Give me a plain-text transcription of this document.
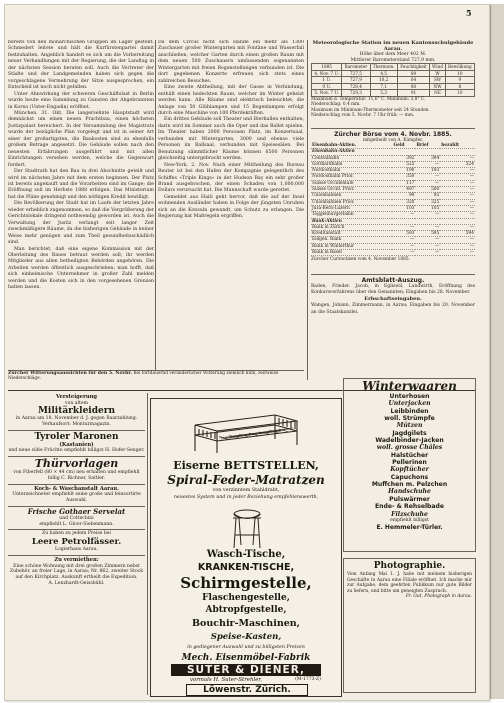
5

bereits von den monarchischen Gruppen im Lager gestellt. Schmedert leitete und hält die Kurfürstenpartei damit festzuhalten. Angeblich handelt es sich um die Vorbereitung neuer Verhandlungen mit der Regierung, die der Landtag in der nächsten Session beraten soll. Auch die Vertreter der Städte und der Landgemeinden haben sich gegen die vorgeschlagene Vermehrung der Sitze ausgesprochen, ein Entscheid ist noch nicht gefallen.

Unter Ahnwirkung der schweren Geschäftslast in Berlin wurde heute eine Sammlung zu Gunsten der Abgebrannten in Korea (Unter-Engadin) eröffnet.

München, 31. Okt. Die langersehnte Hauptstadt wird demnächst um einen neuen Prachtbau, einen höchsten Justizpalast bereichert. In der Versammlung des Magistrats wurde der bezügliche Plan vorgelegt und ist in seiner Art einer der großartigsten, die Baukosten sind zu ebenfalls großem Betrage angesetzt. Die Gebäude sollen nach den neuesten Erfahrungen ausgeführt und mit allen Einrichtungen versehen werden, welche die Gegenwart fordert.

Der Stadtrath hat den Bau in drei Abschnitte geteilt und wird im nächsten Jahre mit dem ersten beginnen. Der Platz ist bereits angekauft und die Vorarbeiten sind im Gange; die Eröffnung soll im Herbste 1888 erfolgen. Das Ministerium hat die Pläne genehmigt und den nöthigen Kredit bewilligt.

Die Bevölkerung der Stadt hat im Laufe der letzten Jahre wieder erheblich zugenommen, so daß die Vergrößerung der Gerichtslokale dringend nothwendig geworden ist. Auch die Verwaltung der Justiz verlangt seit langer Zeit zweckmäßigere Räume, da die bisherigen Gebäude in keiner Weise mehr genügen und zum Theil gesundheitsschädlich sind.

Man berichtet, daß eine eigene Kommission mit der Oberleitung des Baues betraut werden soll; ihr werden Mitglieder aus allen betheiligten Behörden angehören. Die Arbeiten werden öffentlich ausgeschrieben; man hofft, daß sich einheimische Unternehmer in großer Zahl melden werden und die Kosten sich in den vorgesehenen Grenzen halten lassen.

Da dem Circus nicht sich Hände ein mehr als 1300 Zuschauer großer Wintergarten mit Fontäne und Wasserfall anschließen, welcher Garten durch einen großen Raum mit dem neuen 500 Zuschauern umfassenden sogenannten Wintergarten mit freien Bogenstellungen verbunden ist. Die dort gegebenen Konzerte erfreuen sich stets eines zahlreichen Besuches.

Eine zweite Abtheilung, mit der Gasse in Verbindung, enthält einen bedeckten Raum, welcher im Winter geheizt werden kann. Alle Räume sind elektrisch beleuchtet; die Anlage von 50 Glühlampen und 15 Bogenlampen erfolgt durch eine Maschine von 100 Pferdekräften.

Ein drittes Gebäude soll Theater und Bierhallen enthalten; darin wird im Sommer auch die Oper und das Ballet spielen. Im Theater haben 2000 Personen Platz, im Konzertsaal, verbunden mit Wintergarten, 3000 und ebenso viele Personen im Ballsaal, verbunden mit Speisesälen. Bei Benutzung sämmtlicher Räume können 6500 Personen gleichzeitig untergebracht werden.

New-York, 2. Nov. Nach einer Mittheilung des Bureau Reuter ist bei den Hafen der Kompagnie gelegentlich des Schiffes »Triple Kings« in der Hudson Bay ein sehr großer Brand ausgebrochen, der einen Schaden von 1,000,000 Dollars verursacht hat. Die Mannschaft wurde gerettet.

Gemeldet aus Haiti geht hervor, daß die auf der Insel wohnenden Ausländer haben in Folge der jüngsten Unruhen sich an die Konsuln gewandt, um Schutz zu erlangen. Die Regierung hat Maßregeln ergriffen.

Meteorologische Station im neuen Kantonsschulgebäude Aarau.
Höhe über dem Meer 402 M.
Mittlerer Barometerstand 727,9 mm.
1885	Barometer	Thermom.	Feuchtigkeit	Wind	Bewölkung
4. Nov. 7 U.	727,5	4,5	89	W	10
1 U.	727,9	10,2	64	SW	9
9 U.	728,4	7,1	80	NW	8
5. Nov. 7 U.	729,3	5,3	91	NE	10
Maximum d. Temperatur: 11,6° C. Minimum: 3,8° C.
Niederschlag: 0,4 mm.
Maximum im Minimum-Thermometer seit 24 Stunden.
Niederschlag vom 5. Novbr. 7 Uhr früh: — mm.
Zürcher Börse vom 4. Novbr. 1885.
mitgetheilt von A. Kümpfer.
Eisenbahn-Aktien.	Geld	Brief	bezahlt
Eisenbahn-Aktien			
Centralbahn	392	394	—
Gotthardbahn	525	—	524
Nordostbahn	190	193	—
Nordostbahn Prior.	350	—	—
Suisse Occidentale	117	—	—
Suisse Occid. Prior.	497	500	—
Unionbahnen	90	92	—
Unionbahnen Prior.	320	325	—
Jura-Bern-Luzern	103	105	—
Toggenburgerbahn	—	—	—
Bank-Aktien			
Bank in Zürich	—	—	—
Kreditanstalt	593	595	594
Eidgen. Bank	—	—	—
Bank in Winterthur	—	—	—
Bank in Basel	—	—	—
Zürcher Cursnotizen vom 4. November 1885.
Amtsblatt-Auszug.

Baden, Frieder. Jacob, in Egliswil, Landwirth, Eröffnung des Konkursverfahrens über den Genannten; Eingaben bis 28. November.

Erbschaftseingaben.

Wangen, Johann, Zimmermann, in Aarau; Eingaben bis 20. November an die Staatskanzlei.

Zürcher Witterungsaussichten für den 5. Novbr. Bei fortdauernd veränderlicher Witterung ziemlich kühl, zeitweise Niederschläge.
Versteigerung
von altem
Militärkleidern
in Aarau am 18. November d. J. gegen Baarzahlung. Verkaufsort: Monturmagazin.
Tyroler Maronen
(Kastanien)
und neue süße Früchte empfiehlt billigst H. Hofer-Senger.
Thürvorlagen
von Fiberfell (80 × 44 cm) neu erhalten und empfiehlt billig C. Richner, Sattler.
Koch- & Waschanstalt Aarau.
Unterzeichneter empfiehlt seine große und feinsortirte Auswahl.
Frische Gothaer Servelat
und Cottechini
empfiehlt L. Gloor-Siebenmann.
Zu haben zu jedem Preise bei
Leere Petrolfässer.
Logierhaus Aarau.
Zu vermiethen:
Eine schöne Wohnung mit drei großen Zimmern nebst Zubehör, an freier Lage, in Aarau; Nr. 862, zweiter Stock auf den Kirchplatz. Auskunft ertheilt die Expedition.
A. Lenzhardt-Geissbühl.
Eiserne BETTSTELLEN,
Spiral-Feder-Matratzen
von verzinntem Stahldraht,
neuestes System und in jeder Beziehung empfehlenswerth,
Wasch-Tische,
KRANKEN-TISCHE,
Schirmgestelle,
Flaschengestelle,
Abtropfgestelle,
Bouchir-Maschinen,
Speise-Kasten,
in gediegener Auswahl und zu billigsten Preisen
Mech. Eisenmöbel-Fabrik
SUTER & DIENER,
vormals H. Suter-Strehler,	(M-1773-Z)
Löwenstr. Zürich.
Winterwaaren
Unterhosen
Unterjacken
Leibbinden
woll. Strümpfe
Mützen
Jagdgilets
Wadelbinder-Jacken
woll. grosse Châles
Halstücher
Pellerinen
Kopftücher
Capuchons
Muffchen m. Pelzchen
Handschuhe
Pulswärmer
Ende- & Rehselbade
Filzschuhe
empfiehlt billigst
E. Hemmeler-Türler.
Photographie.
Vom Anfang Mai 1. J. habe mit meinem bisherigen Geschäfte in Aarau eine Filiale eröffnet. Ich mache mir zur Aufgabe, dem geehrten Publikum nur gute Bilder zu liefern, und bitte um geneigten Zuspruch.
Fr. Gut, Photograph in Aarau.
